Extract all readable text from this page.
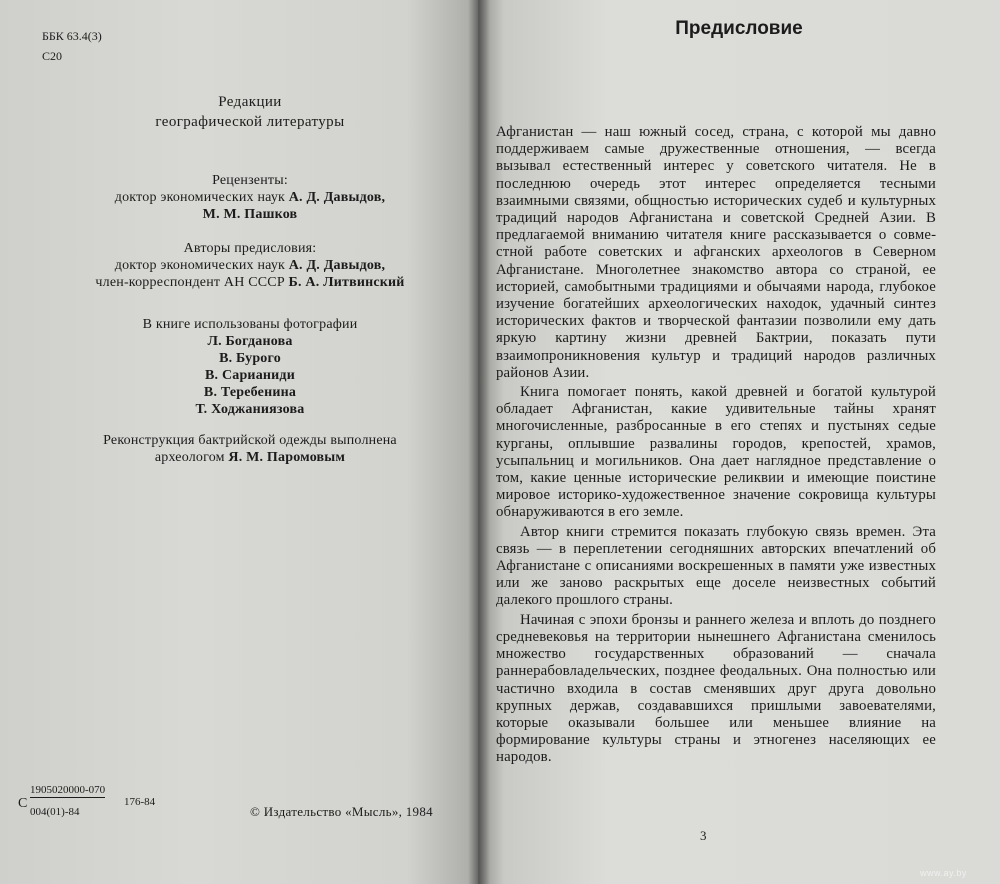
ББК 63.4(3)
С20
Редакции
географической литературы
Рецензенты:
доктор экономических наук А. Д. Давыдов,
М. М. Пашков
Авторы предисловия:
доктор экономических наук А. Д. Давыдов,
член-корреспондент АН СССР Б. А. Литвинский
В книге использованы фотографии
Л. Богданова
В. Бурого
В. Сарианиди
В. Теребенина
Т. Ходжаниязова
Реконструкция бактрийской одежды выполнена
археологом Я. М. Паромовым
С
1905020000-070
004(01)-84
176-84
© Издательство «Мысль», 1984
Предисловие

Афганистан — наш южный сосед, страна, с которой мы давно поддерживаем самые дружественные отношения, — всегда вызывал естественный интерес у советского читателя. Не в последнюю очередь этот интерес определяется тесными взаимными связями, общностью исторических судеб и культурных традиций народов Афганистана и советской Средней Азии. В предлагаемой вниманию читателя книге рассказывается о совместной работе советских и афганских археологов в Северном Афганистане. Многолетнее знакомство автора со страной, ее историей, самобытными традициями и обычаями народа, глубокое изучение богатейших археологических находок, удачный синтез исторических фактов и творческой фантазии позволили ему дать яркую картину жизни древней Бактрии, показать пути взаимопроникновения культур и традиций народов различных районов Азии.

Книга помогает понять, какой древней и богатой культурой обладает Афганистан, какие удивительные тайны хранят многочисленные, разбросанные в его степях и пустынях седые курганы, оплывшие развалины городов, крепостей, храмов, усыпальниц и могильников. Она дает наглядное представление о том, какие ценные исторические реликвии и имеющие поистине мировое историко-художественное значение сокровища культуры обнаруживаются в его земле.

Автор книги стремится показать глубокую связь времен. Эта связь — в переплетении сегодняшних авторских впечатлений об Афганистане с описаниями воскрешенных в памяти уже известных или же заново раскрытых еще доселе неизвестных событий далекого прошлого страны.

Начиная с эпохи бронзы и раннего железа и вплоть до позднего средневековья на территории нынешнего Афганистана сменилось множество государственных образований — сначала раннерабовладельческих, позднее феодальных. Она полностью или частично входила в состав сменявших друг друга довольно крупных держав, создававшихся пришлыми завоевателями, которые оказывали большее или меньшее влияние на формирование культуры страны и этногенез населяющих ее народов.

3
www.ay.by
